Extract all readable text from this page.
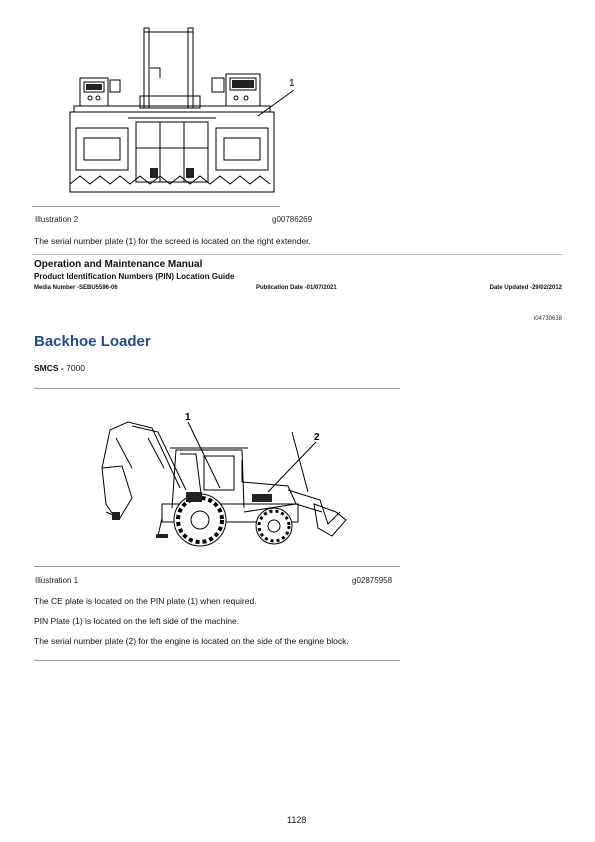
1
Illustration 2	g00786269
The serial number plate (1) for the screed is located on the right extender.
Operation and Maintenance Manual
Product Identification Numbers (PIN) Location Guide
Media Number -SEBU5596-06	Publication Date -01/07/2021	Date Updated -29/02/2012
i04730638
Backhoe Loader
SMCS - 7000
1
2
Illustration 1	g02875958
The CE plate is located on the PIN plate (1) when required.
PIN Plate (1) is located on the left side of the machine.
The serial number plate (2) for the engine is located on the side of the engine block.
1128
